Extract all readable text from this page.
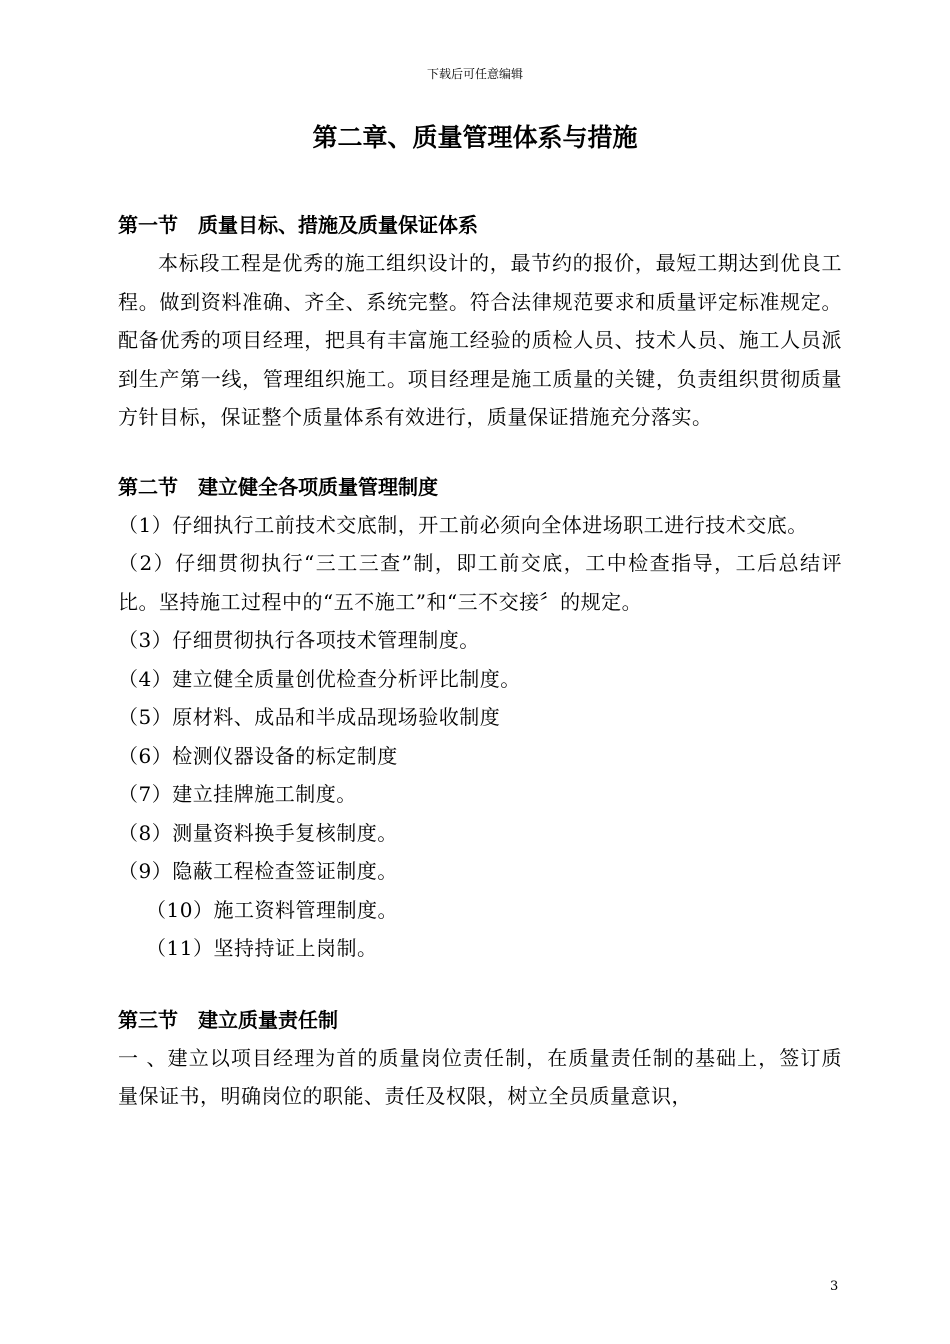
下载后可任意编辑
第二章、质量管理体系与措施

第一节　质量目标、措施及质量保证体系

本标段工程是优秀的施工组织设计的，最节约的报价，最短工期达到优良工程。做到资料准确、齐全、系统完整。符合法律规范要求和质量评定标准规定。配备优秀的项目经理，把具有丰富施工经验的质检人员、技术人员、施工人员派到生产第一线，管理组织施工。项目经理是施工质量的关键，负责组织贯彻质量方针目标，保证整个质量体系有效进行，质量保证措施充分落实。

第二节　建立健全各项质量管理制度

（1）仔细执行工前技术交底制，开工前必须向全体进场职工进行技术交底。

（2）仔细贯彻执行“三工三查”制，即工前交底，工中检查指导，工后总结评比。坚持施工过程中的“五不施工”和“三不交接〞的规定。

（3）仔细贯彻执行各项技术管理制度。

（4）建立健全质量创优检查分析评比制度。

（5）原材料、成品和半成品现场验收制度

（6）检测仪器设备的标定制度

（7）建立挂牌施工制度。

（8）测量资料换手复核制度。

（9）隐蔽工程检查签证制度。

（10）施工资料管理制度。

（11）坚持持证上岗制。

第三节　建立质量责任制

一 、建立以项目经理为首的质量岗位责任制，在质量责任制的基础上，签订质量保证书，明确岗位的职能、责任及权限，树立全员质量意识，

3
